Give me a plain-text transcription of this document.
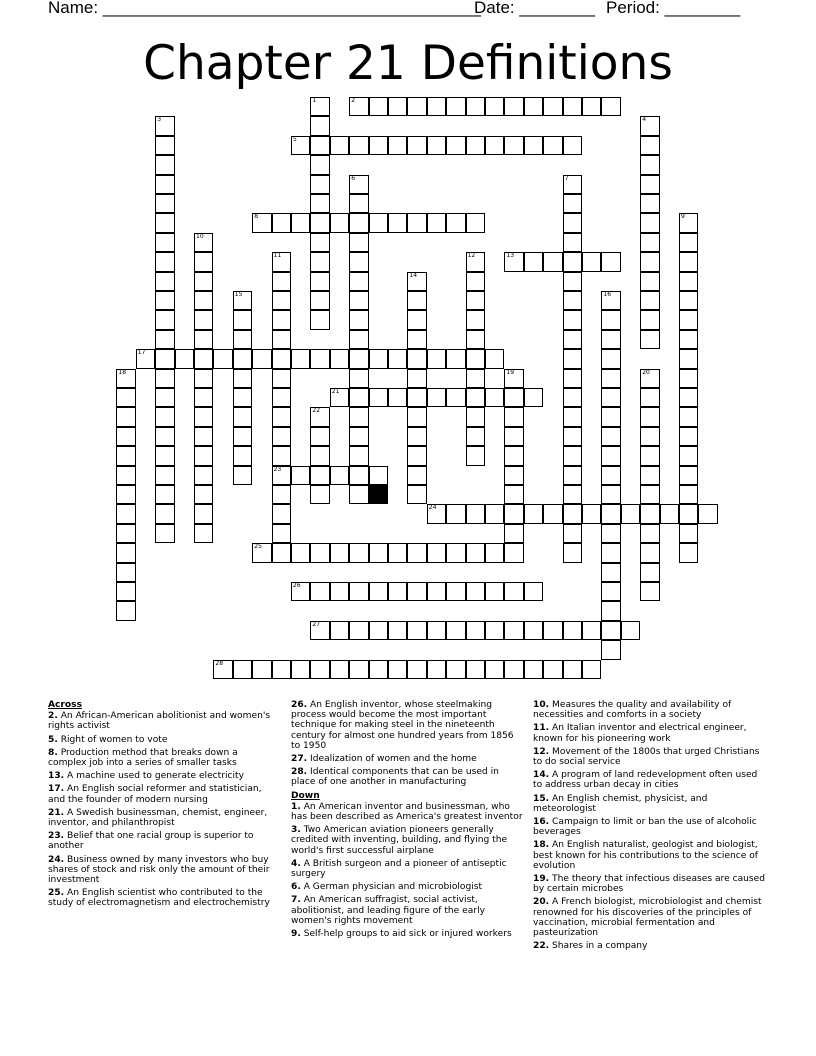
Name: ________________________________________

Date: ________

Period: ________

Chapter 21 Definitions
1	2
3	4
5
6	7
8	9
10
11
23
12	13
14
15	16
17
18	19	20
21
22
24
25
26
27
28
Across
2. An African-American abolitionist and women's rights activist
5. Right of women to vote
8. Production method that breaks down a complex job into a series of smaller tasks
13. A machine used to generate electricity
17. An English social reformer and statistician, and the founder of modern nursing
21. A Swedish businessman, chemist, engineer, inventor, and philanthropist
23. Belief that one racial group is superior to another
24. Business owned by many investors who buy shares of stock and risk only the amount of their investment
25. An English scientist who contributed to the study of electromagnetism and electrochemistry
26. An English inventor, whose steelmaking process would become the most important technique for making steel in the nineteenth century for almost one hundred years from 1856 to 1950
27. Idealization of women and the home
28. Identical components that can be used in place of one another in manufacturing
Down
1. An American inventor and businessman, who has been described as America's greatest inventor
3. Two American aviation pioneers generally credited with inventing, building, and flying the world's first successful airplane
4. A British surgeon and a pioneer of antiseptic surgery
6. A German physician and microbiologist
7. An American suffragist, social activist, abolitionist, and leading figure of the early women's rights movement
9. Self-help groups to aid sick or injured workers
10. Measures the quality and availability of necessities and comforts in a society
11. An Italian inventor and electrical engineer, known for his pioneering work
12. Movement of the 1800s that urged Christians to do social service
14. A program of land redevelopment often used to address urban decay in cities
15. An English chemist, physicist, and meteorologist
16. Campaign to limit or ban the use of alcoholic beverages
18. An English naturalist, geologist and biologist, best known for his contributions to the science of evolution
19. The theory that infectious diseases are caused by certain microbes
20. A French biologist, microbiologist and chemist renowned for his discoveries of the principles of vaccination, microbial fermentation and pasteurization
22. Shares in a company
